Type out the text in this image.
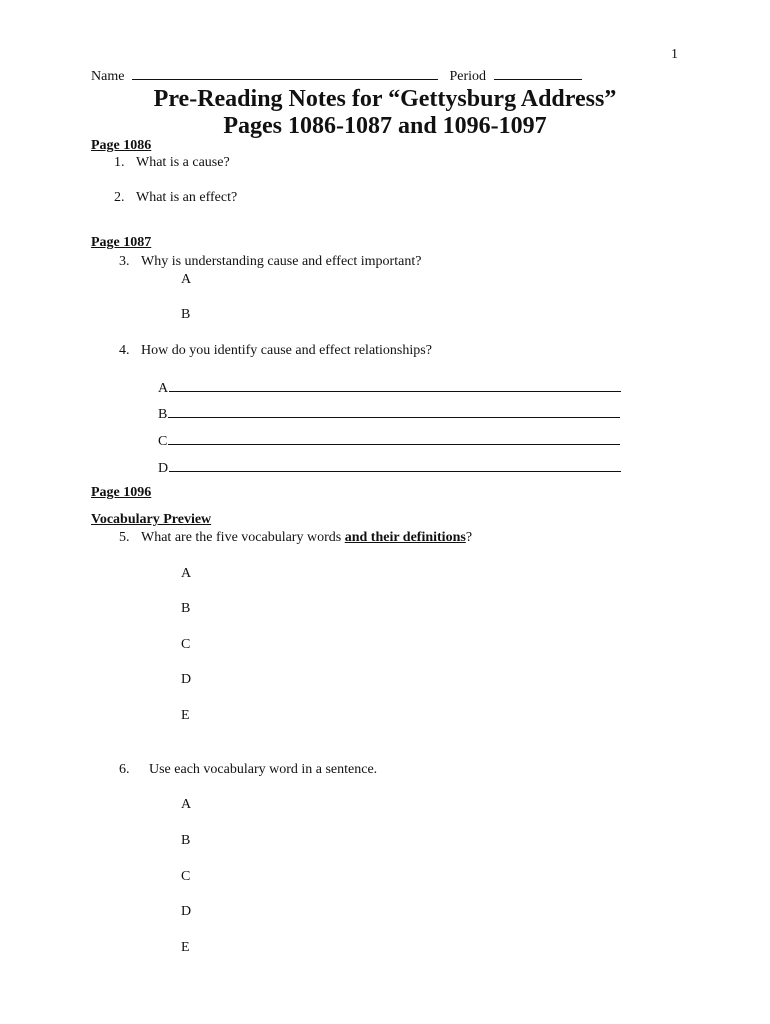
1
Name	Period
Pre-Reading Notes for “Gettysburg Address”
Pages 1086-1087 and 1096-1097
Page 1086
1. What is a cause?
2. What is an effect?
Page 1087
3. Why is understanding cause and effect important?
A
B
4. How do you identify cause and effect relationships?
A
B
C
D
Page 1096
Vocabulary Preview
5. What are the five vocabulary words and their definitions?
A
B
C
D
E
6. Use each vocabulary word in a sentence.
A
B
C
D
E
